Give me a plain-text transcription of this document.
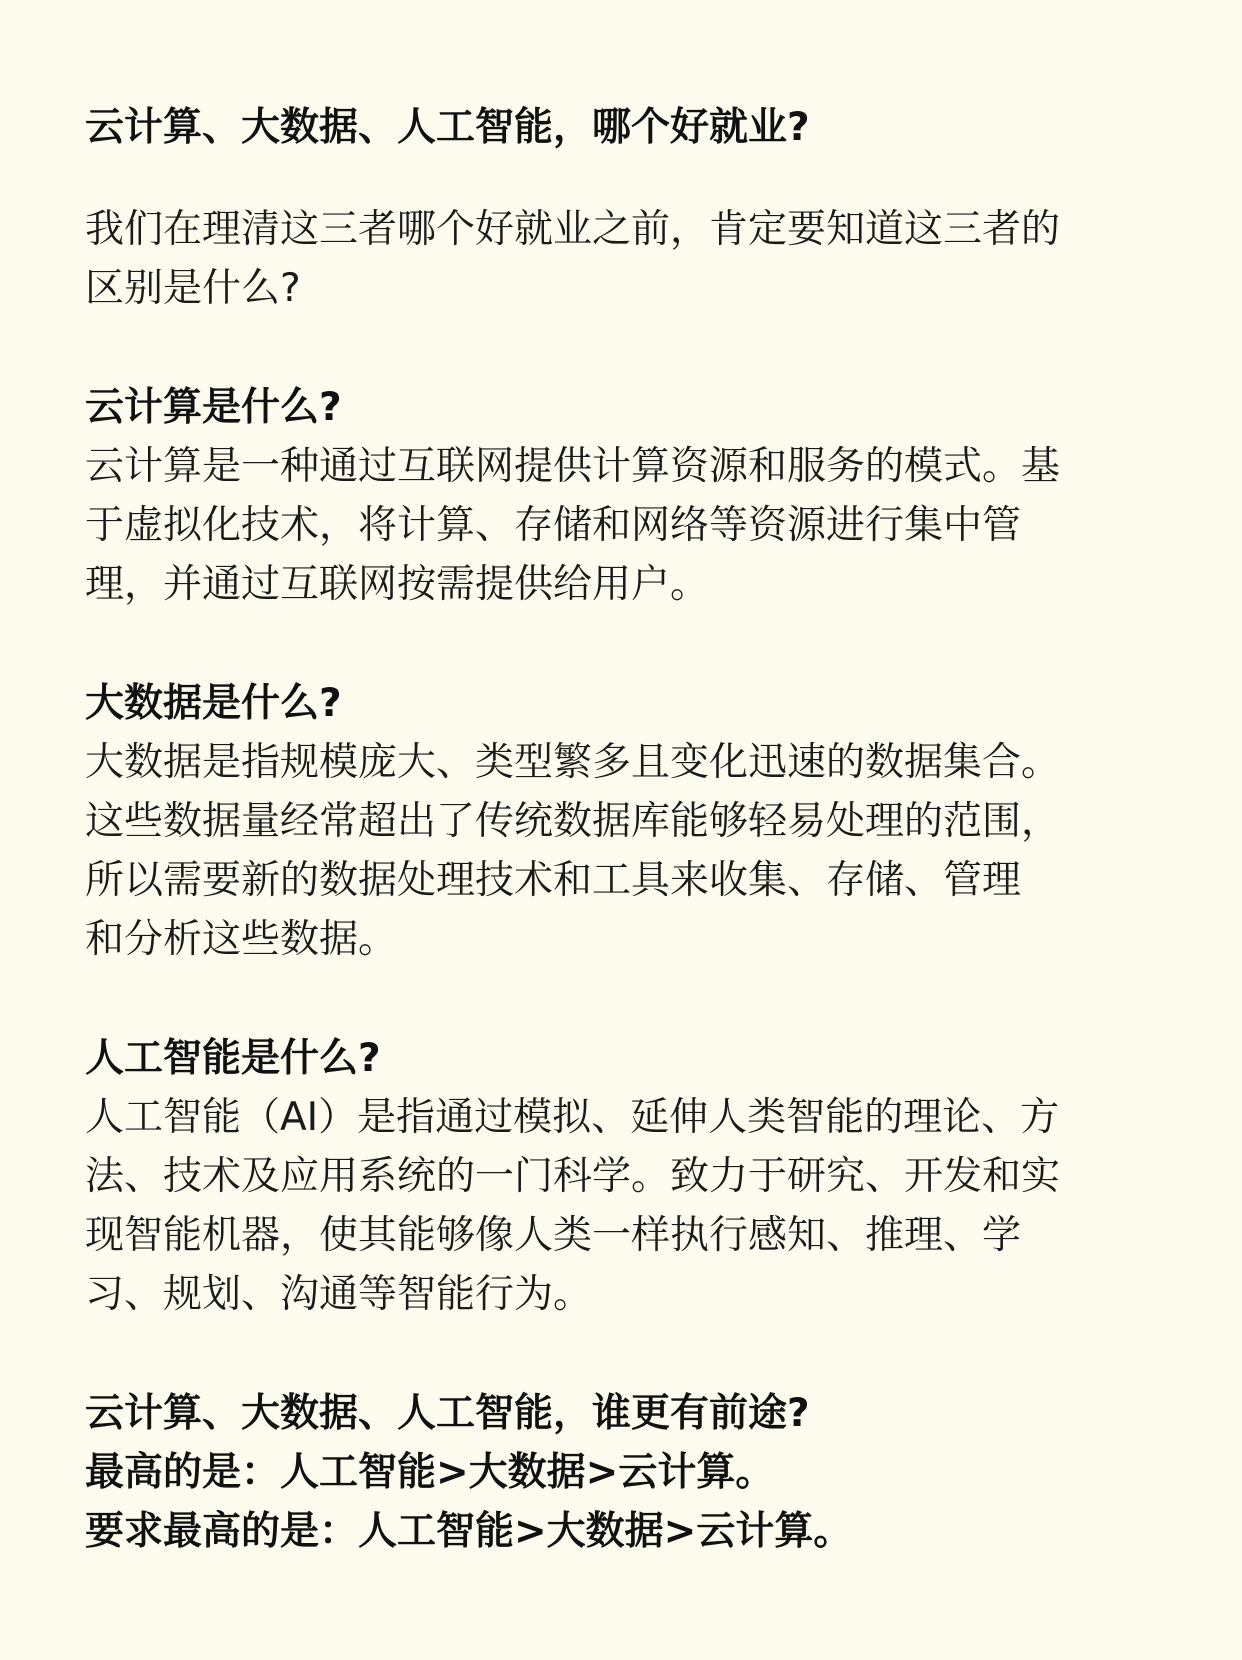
云计算、大数据、人工智能，哪个好就业?
我们在理清这三者哪个好就业之前，肯定要知道这三者的
区别是什么?
云计算是什么?
云计算是一种通过互联网提供计算资源和服务的模式。基
于虚拟化技术，将计算、存储和网络等资源进行集中管
理，并通过互联网按需提供给用户。
大数据是什么?
大数据是指规模庞大、类型繁多且变化迅速的数据集合。
这些数据量经常超出了传统数据库能够轻易处理的范围，
所以需要新的数据处理技术和工具来收集、存储、管理
和分析这些数据。
人工智能是什么?
人工智能（AI）是指通过模拟、延伸人类智能的理论、方
法、技术及应用系统的一门科学。致力于研究、开发和实
现智能机器，使其能够像人类一样执行感知、推理、学
习、规划、沟通等智能行为。
云计算、大数据、人工智能，谁更有前途?
最高的是：人工智能>大数据>云计算。
要求最高的是：人工智能>大数据>云计算。
